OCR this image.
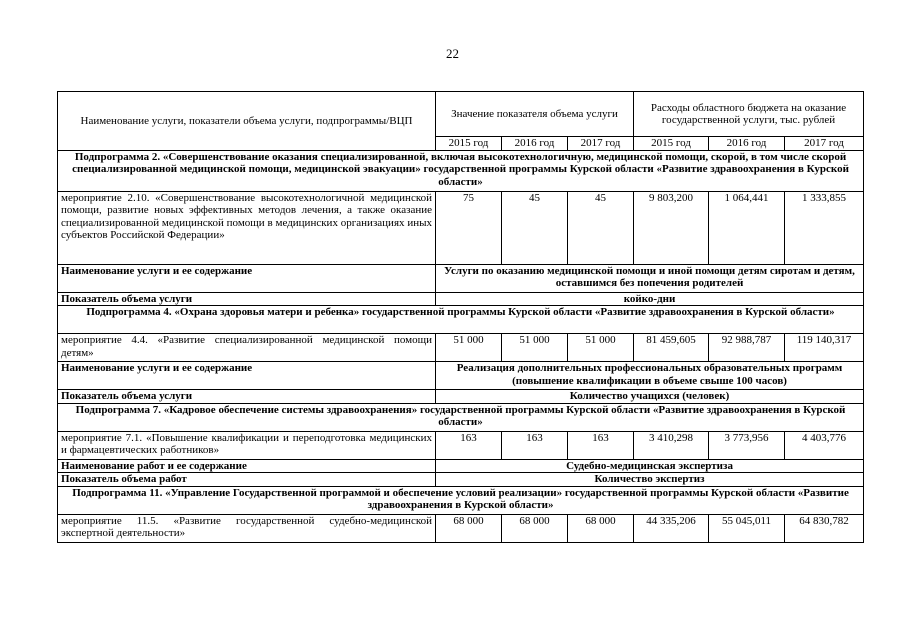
22
Наименование услуги, показатели объема услуги, подпрограммы/ВЦП	Значение показателя объема услуги			Расходы областного бюджета на оказание государственной услуги, тыс. рублей		
	2015 год	2016 год	2017 год	2015 год	2016 год	2017 год
Подпрограмма 2. «Совершенствование оказания специализированной, включая высокотехнологичную, медицинской помощи, скорой, в том числе скорой специализированной медицинской помощи, медицинской эвакуации» государственной программы Курской области «Развитие здравоохранения в Курской области»						
мероприятие 2.10. «Совершенствование высокотехнологичной медицинской помощи, развитие новых эффективных методов лечения, а также оказание специализированной медицинской помощи в медицинских организациях иных субъектов Российской Федерации»	75	45	45	9 803,200	1 064,441	1 333,855
Наименование услуги и ее содержание	Услуги по оказанию медицинской помощи и иной помощи детям сиротам и детям, оставшимся без попечения родителей					
Показатель объема услуги	койко-дни					
Подпрограмма 4. «Охрана здоровья матери и ребенка» государственной программы Курской области «Развитие здравоохранения в Курской области»						
мероприятие 4.4. «Развитие специализированной медицинской помощи детям»	51 000	51 000	51 000	81 459,605	92 988,787	119 140,317
Наименование услуги и ее содержание	Реализация дополнительных профессиональных образовательных программ (повышение квалификации в объеме свыше 100 часов)					
Показатель объема услуги	Количество учащихся (человек)					
Подпрограмма 7. «Кадровое обеспечение системы здравоохранения» государственной программы Курской области «Развитие здравоохранения в Курской области»						
мероприятие 7.1. «Повышение квалификации и переподготовка медицинских и фармацевтических работников»	163	163	163	3 410,298	3 773,956	4 403,776
Наименование работ и ее содержание	Судебно-медицинская экспертиза					
Показатель объема работ	Количество экспертиз					
Подпрограмма 11. «Управление Государственной программой и обеспечение условий реализации» государственной программы Курской области «Развитие здравоохранения в Курской области»						
мероприятие 11.5. «Развитие государственной судебно-медицинской экспертной деятельности»	68 000	68 000	68 000	44 335,206	55 045,011	64 830,782
